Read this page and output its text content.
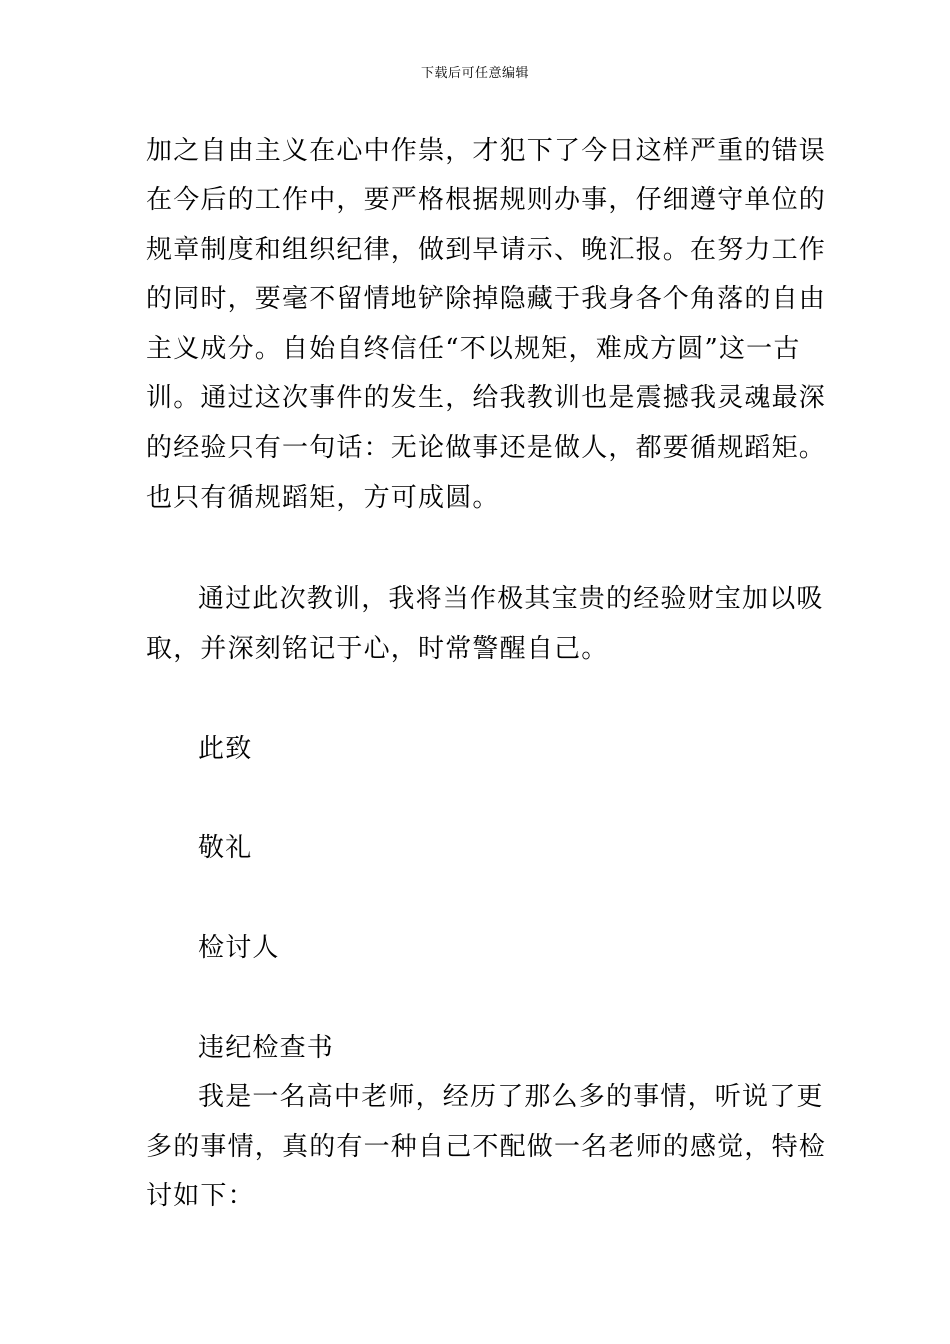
下载后可任意编辑
加之自由主义在心中作祟，才犯下了今日这样严重的错误
在今后的工作中，要严格根据规则办事，仔细遵守单位的
规章制度和组织纪律，做到早请示、晚汇报。在努力工作
的同时，要毫不留情地铲除掉隐藏于我身各个角落的自由
主义成分。自始自终信任“不以规矩，难成方圆”这一古
训。通过这次事件的发生，给我教训也是震撼我灵魂最深
的经验只有一句话：无论做事还是做人，都要循规蹈矩。
也只有循规蹈矩，方可成圆。
通过此次教训，我将当作极其宝贵的经验财宝加以吸
取，并深刻铭记于心，时常警醒自己。
此致
敬礼
检讨人
违纪检查书
我是一名高中老师，经历了那么多的事情，听说了更
多的事情，真的有一种自己不配做一名老师的感觉，特检
讨如下：
